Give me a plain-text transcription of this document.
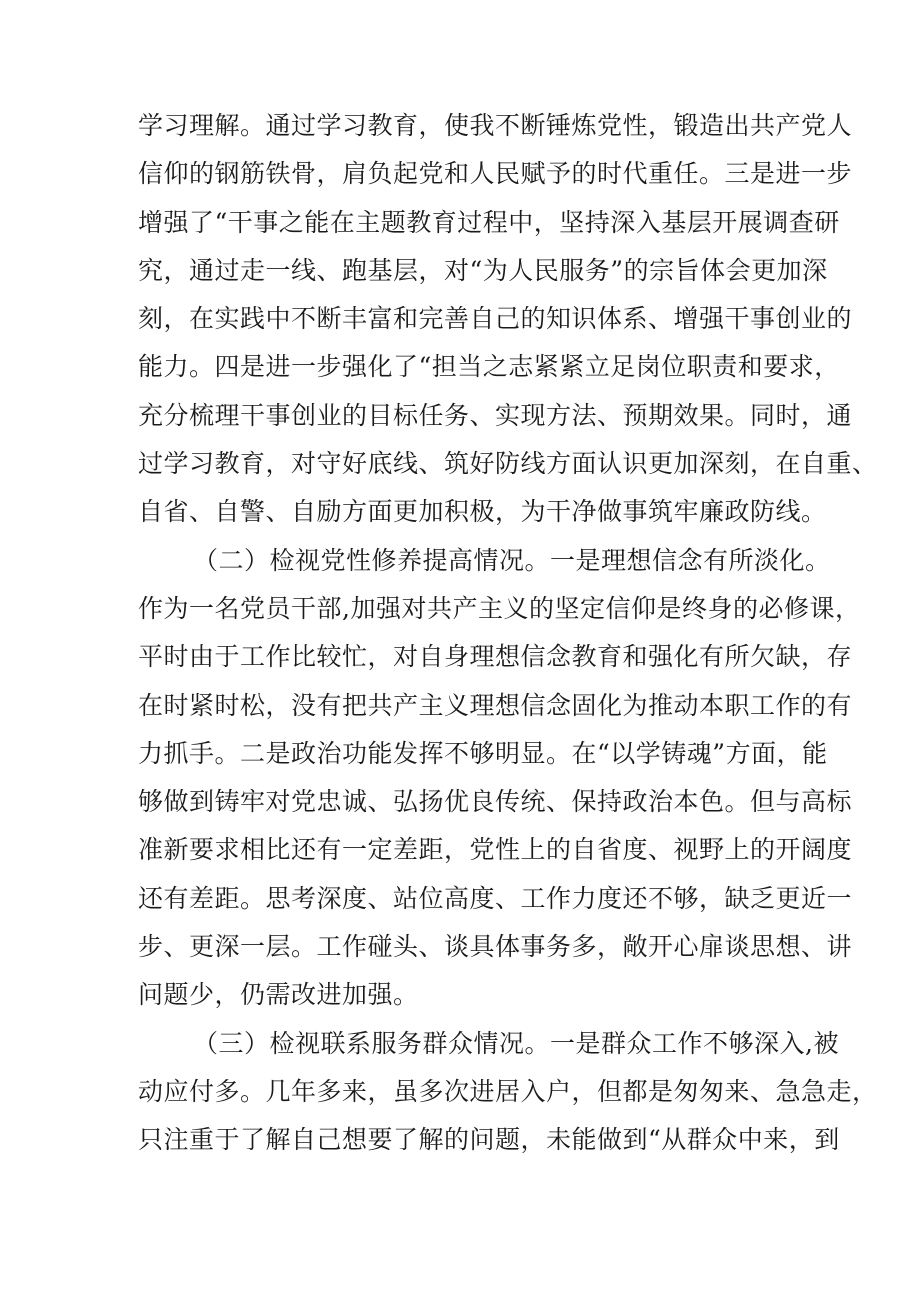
学习理解。通过学习教育，使我不断锤炼党性，锻造出共产党人
信仰的钢筋铁骨，肩负起党和人民赋予的时代重任。三是进一步
增强了“干事之能在主题教育过程中，坚持深入基层开展调查研
究，通过走一线、跑基层，对“为人民服务”的宗旨体会更加深
刻，在实践中不断丰富和完善自己的知识体系、增强干事创业的
能力。四是进一步强化了“担当之志紧紧立足岗位职责和要求，
充分梳理干事创业的目标任务、实现方法、预期效果。同时，通
过学习教育，对守好底线、筑好防线方面认识更加深刻，在自重、
自省、自警、自励方面更加积极，为干净做事筑牢廉政防线。
（二）检视党性修养提高情况。一是理想信念有所淡化。
作为一名党员干部,加强对共产主义的坚定信仰是终身的必修课，
平时由于工作比较忙，对自身理想信念教育和强化有所欠缺，存
在时紧时松，没有把共产主义理想信念固化为推动本职工作的有
力抓手。二是政治功能发挥不够明显。在“以学铸魂”方面，能
够做到铸牢对党忠诚、弘扬优良传统、保持政治本色。但与高标
准新要求相比还有一定差距，党性上的自省度、视野上的开阔度
还有差距。思考深度、站位高度、工作力度还不够，缺乏更近一
步、更深一层。工作碰头、谈具体事务多，敞开心扉谈思想、讲
问题少，仍需改进加强。
（三）检视联系服务群众情况。一是群众工作不够深入,被
动应付多。几年多来，虽多次进居入户，但都是匆匆来、急急走，
只注重于了解自己想要了解的问题，未能做到“从群众中来，到
